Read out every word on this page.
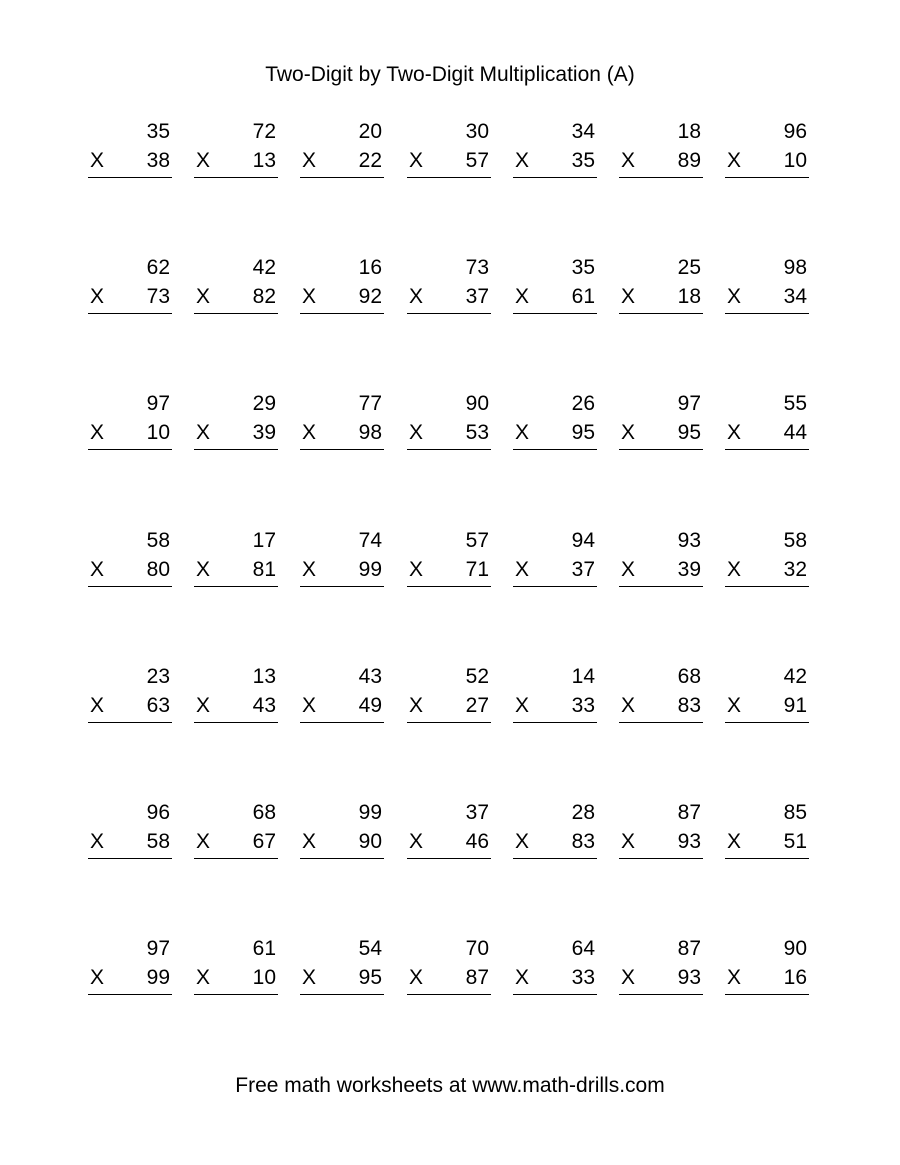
Two-Digit by Two-Digit Multiplication (A)
35
X 38
72
X 13
20
X 22
30
X 57
34
X 35
18
X 89
96
X 10
62
X 73
42
X 82
16
X 92
73
X 37
35
X 61
25
X 18
98
X 34
97
X 10
29
X 39
77
X 98
90
X 53
26
X 95
97
X 95
55
X 44
58
X 80
17
X 81
74
X 99
57
X 71
94
X 37
93
X 39
58
X 32
23
X 63
13
X 43
43
X 49
52
X 27
14
X 33
68
X 83
42
X 91
96
X 58
68
X 67
99
X 90
37
X 46
28
X 83
87
X 93
85
X 51
97
X 99
61
X 10
54
X 95
70
X 87
64
X 33
87
X 93
90
X 16
Free math worksheets at www.math-drills.com
